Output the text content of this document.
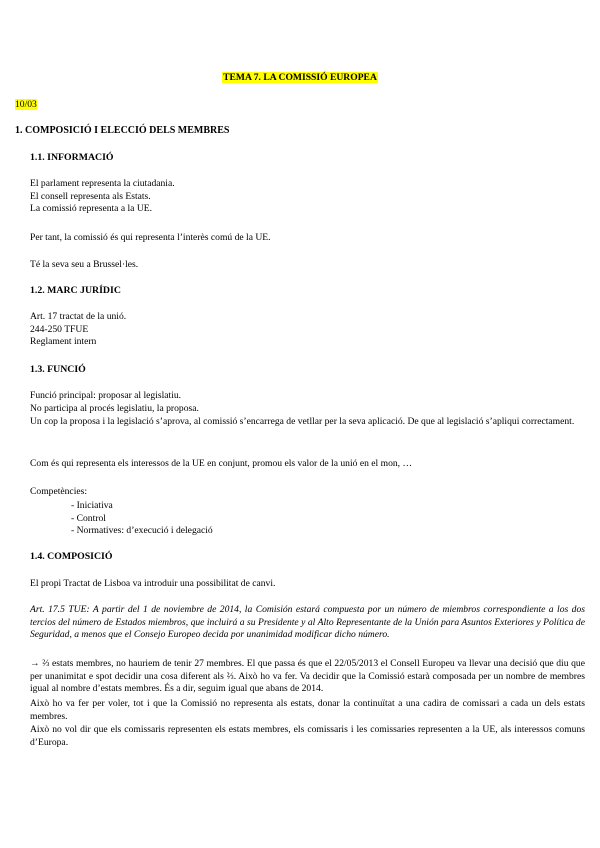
TEMA 7. LA COMISSIÓ EUROPEA
10/03
1. COMPOSICIÓ I ELECCIÓ DELS MEMBRES
1.1. INFORMACIÓ
El parlament representa la ciutadania.
El consell representa als Estats.
La comissió representa a la UE.
Per tant, la comissió és qui representa l’interès comú de la UE.
Té la seva seu a Brussel·les.
1.2. MARC JURÍDIC
Art. 17 tractat de la unió.
244-250 TFUE
Reglament intern
1.3. FUNCIÓ
Funció principal: proposar al legislatiu.
No participa al procés legislatiu, la proposa.
Un cop la proposa i la legislació s’aprova, al comissió s’encarrega de vetllar per la seva aplicació. De que al legislació s’apliqui correctament.
Com és qui representa els interessos de la UE en conjunt, promou els valor de la unió en el mon, …
Competències:
- Iniciativa
- Control
- Normatives: d’execució i delegació
1.4. COMPOSICIÓ
El propi Tractat de Lisboa va introduir una possibilitat de canvi.
Art. 17.5 TUE: A partir del 1 de noviembre de 2014, la Comisión estará compuesta por un número de miembros correspondiente a los dos tercios del número de Estados miembros, que incluirá a su Presidente y al Alto Representante de la Unión para Asuntos Exteriores y Política de Seguridad, a menos que el Consejo Europeo decida por unanimidad modificar dicho número.
→ ⅔ estats membres, no hauriem de tenir 27 membres. El que passa és que el 22/05/2013 el Consell Europeu va llevar una decisió que diu que per unanimitat e spot decidir una cosa diferent als ⅔. Això ho va fer. Va decidir que la Comissió estarà composada per un nombre de membres igual al nombre d’estats membres. És a dir, seguim igual que abans de 2014.
Això ho va fer per voler, tot i que la Comissió no representa als estats, donar la continuïtat a una cadira de comissari a cada un dels estats membres.
Això no vol dir que els comissaris representen els estats membres, els comissaris i les comissaries representen a la UE, als interessos comuns d’Europa.
